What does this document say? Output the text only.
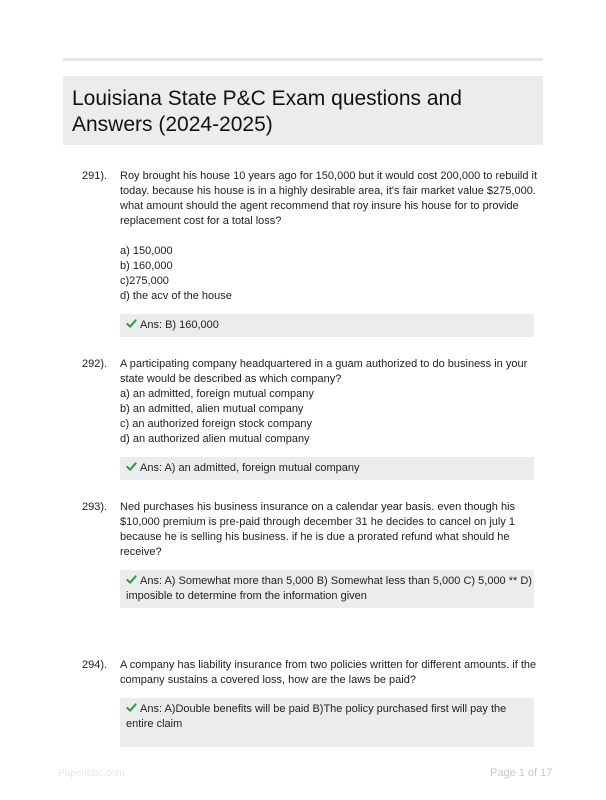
Louisiana State P&C Exam questions and
Answers (2024-2025)
291). Roy brought his house 10 years ago for 150,000 but it would cost 200,000 to rebuild it
today. because his house is in a highly desirable area, it's fair market value $275,000.
what amount should the agent recommend that roy insure his house for to provide
replacement cost for a total loss?
a) 150,000
b) 160,000
c)275,000
d) the acv of the house
Ans: B) 160,000
292). A participating company headquartered in a guam authorized to do business in your
state would be described as which company?
a) an admitted, foreign mutual company
b) an admitted, alien mutual company
c) an authorized foreign stock company
d) an authorized alien mutual company
Ans: A) an admitted, foreign mutual company
293). Ned purchases his business insurance on a calendar year basis. even though his
$10,000 premium is pre-paid through december 31 he decides to cancel on july 1
because he is selling his business. if he is due a prorated refund what should he
receive?
Ans: A) Somewhat more than 5,000 B) Somewhat less than 5,000 C) 5,000 ** D) imposible to determine from the information given
294). A company has liability insurance from two policies written for different amounts. if the
company sustains a covered loss, how are the laws be paid?
Ans: A)Double benefits will be paid B)The policy purchased first will pay the entire claim
Paperibbc.com	Page 1 of 17
